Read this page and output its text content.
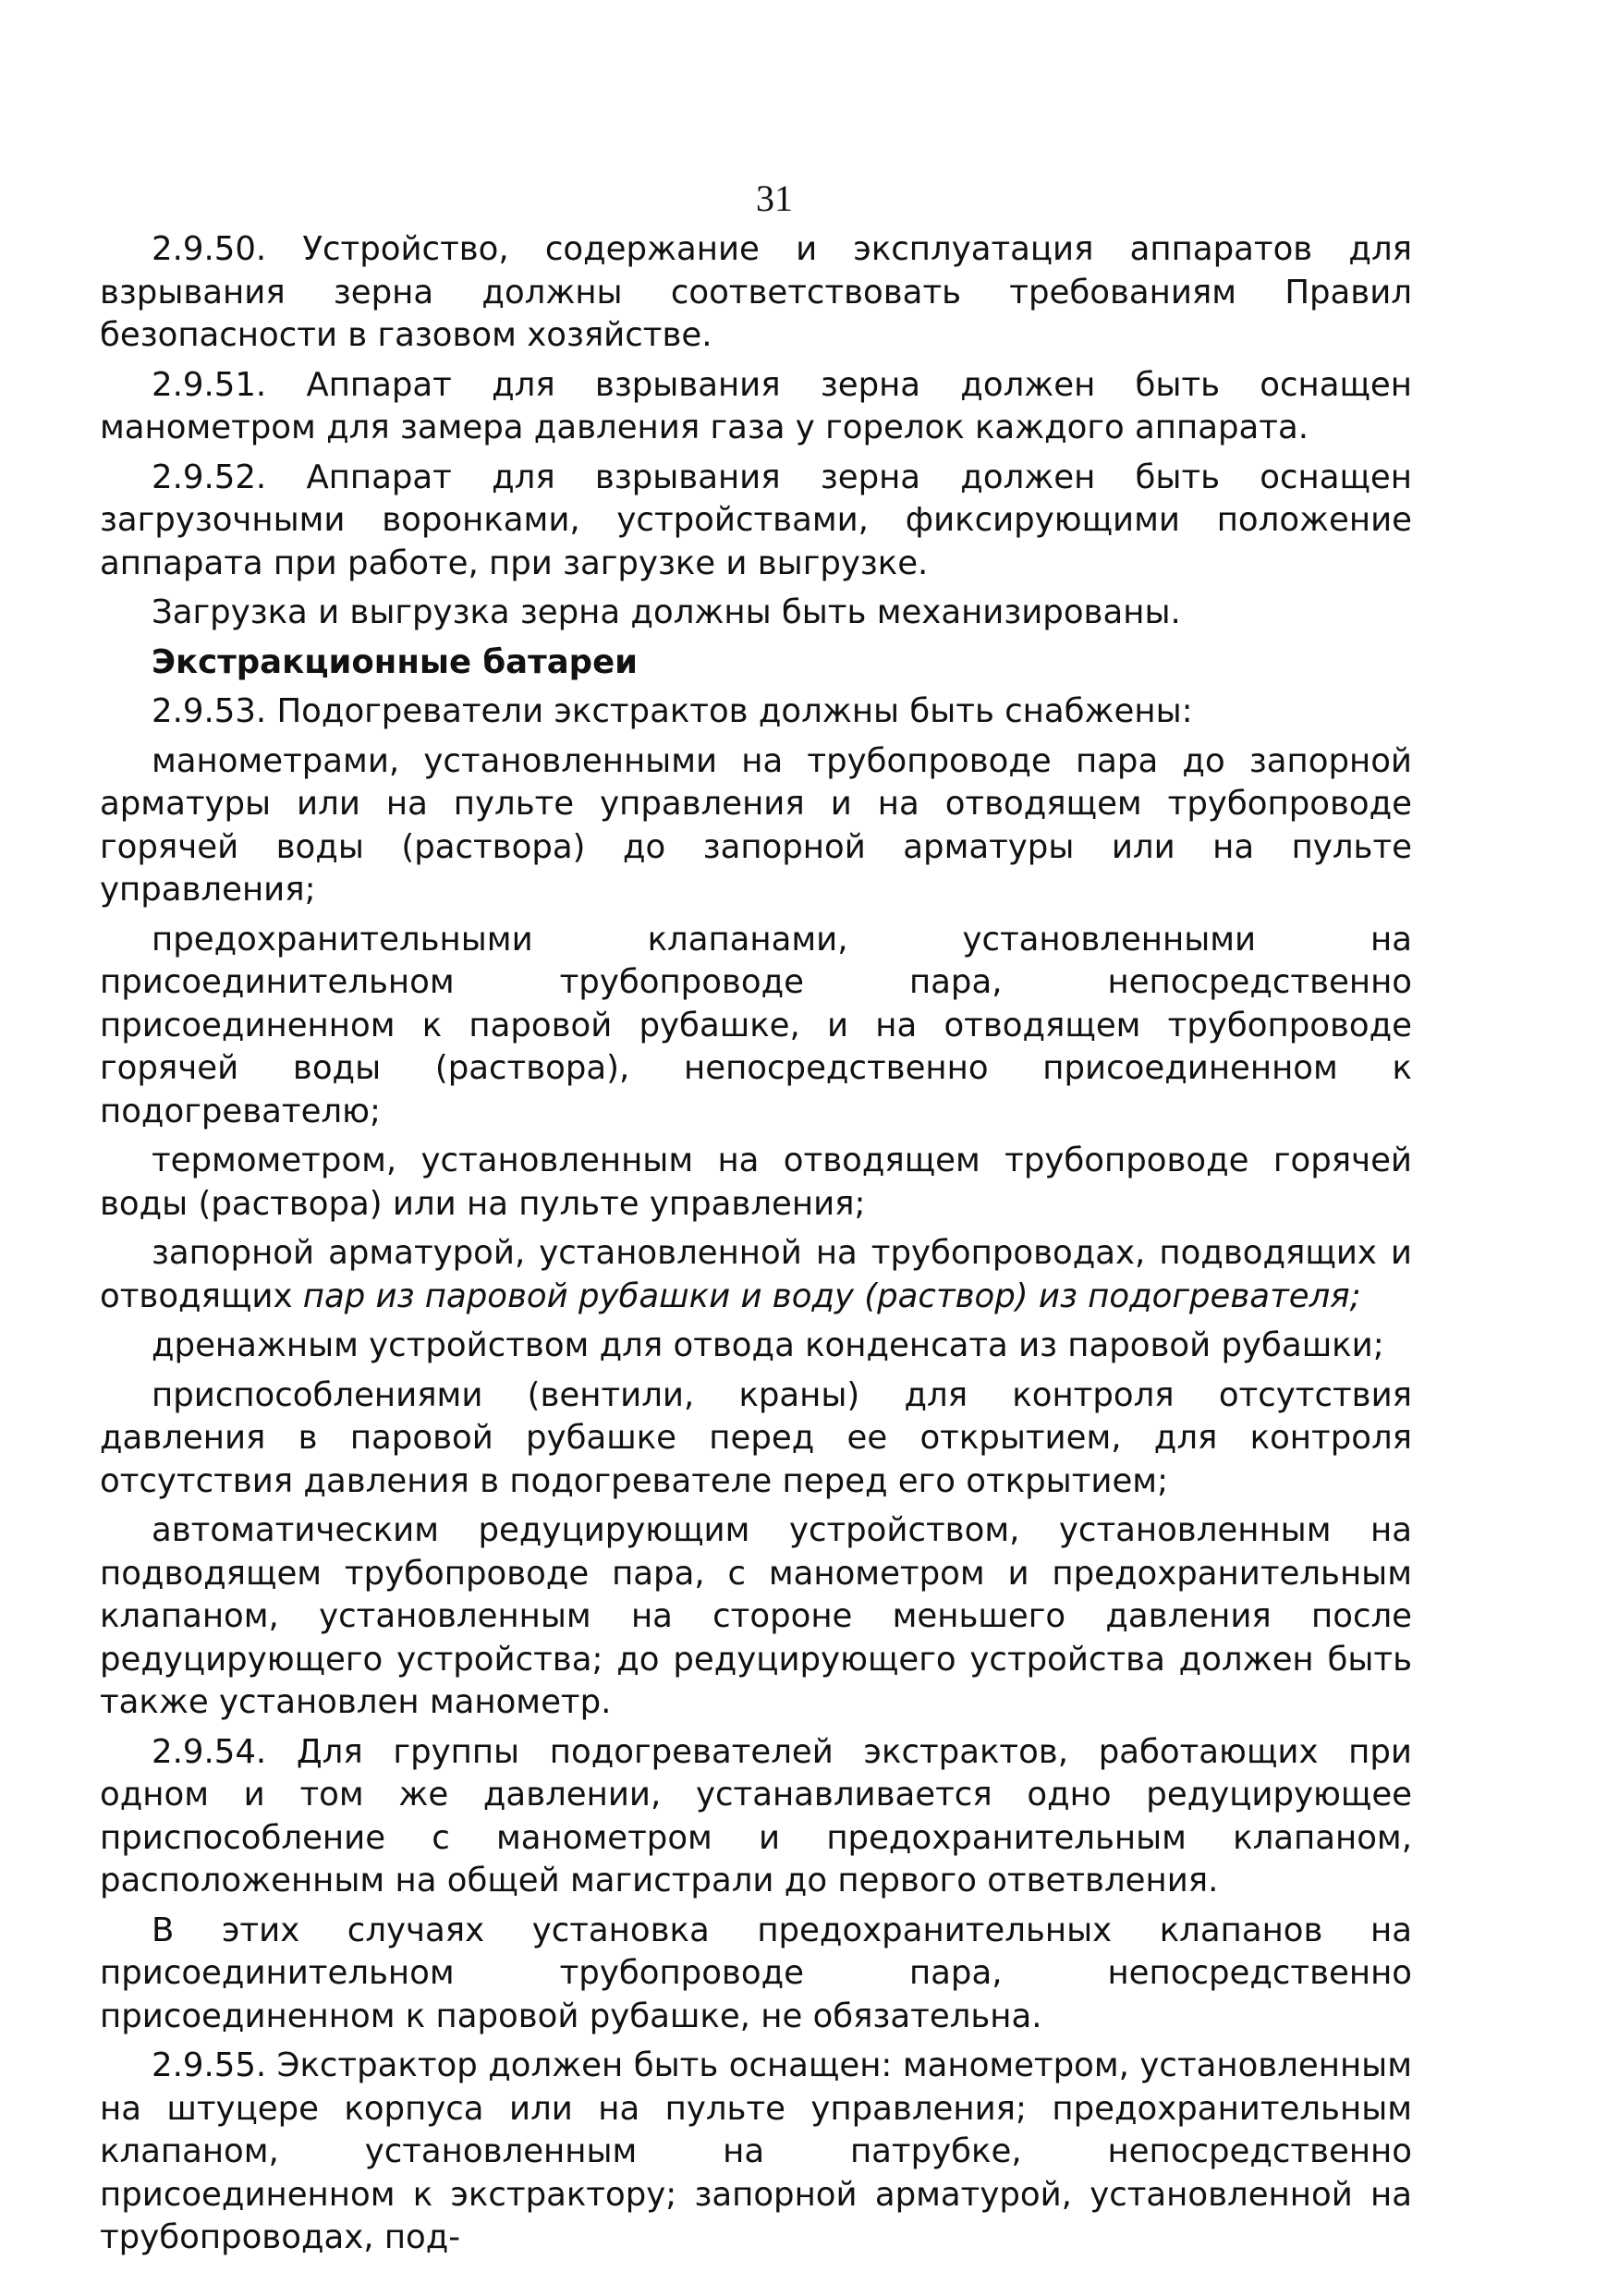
31

2.9.50. Устройство, содержание и эксплуатация аппаратов для взрывания зерна должны соответствовать требованиям Правил безопасности в газовом хозяйстве.

2.9.51. Аппарат для взрывания зерна должен быть оснащен манометром для замера давления газа у горелок каждого аппарата.

2.9.52. Аппарат для взрывания зерна должен быть оснащен загрузочными воронками, устройствами, фиксирующими положение аппарата при работе, при загрузке и выгрузке.

Загрузка и выгрузка зерна должны быть механизированы.

Экстракционные батареи

2.9.53. Подогреватели экстрактов должны быть снабжены:

манометрами, установленными на трубопроводе пара до запорной арматуры или на пульте управления и на отводящем трубопроводе горячей воды (раствора) до запорной арматуры или на пульте управления;

предохранительными клапанами, установленными на присоединительном трубопроводе пара, непосредственно присоединенном к паровой рубашке, и на отводящем трубопроводе горячей воды (раствора), непосредственно присоединенном к подогревателю;

термометром, установленным на отводящем трубопроводе горячей воды (раствора) или на пульте управления;

запорной арматурой, установленной на трубопроводах, подводящих и отводящих пар из паровой рубашки и воду (раствор) из подогревателя;

дренажным устройством для отвода конденсата из паровой рубашки;

приспособлениями (вентили, краны) для контроля отсутствия давления в паровой рубашке перед ее открытием, для контроля отсутствия давления в подогревателе перед его открытием;

автоматическим редуцирующим устройством, установленным на подводящем трубопроводе пара, с манометром и предохранительным клапаном, установленным на стороне меньшего давления после редуцирующего устройства; до редуцирующего устройства должен быть также установлен манометр.

2.9.54. Для группы подогревателей экстрактов, работающих при одном и том же давлении, устанавливается одно редуцирующее приспособление с манометром и предохранительным клапаном, расположенным на общей магистрали до первого ответвления.

В этих случаях установка предохранительных клапанов на присоединительном трубопроводе пара, непосредственно присоединенном к паровой рубашке, не обязательна.

2.9.55. Экстрактор должен быть оснащен: манометром, установленным на штуцере корпуса или на пульте управления; предохранительным клапаном, установленным на патрубке, непосредственно присоединенном к экстрактору; запорной арматурой, установленной на трубопроводах, под-
